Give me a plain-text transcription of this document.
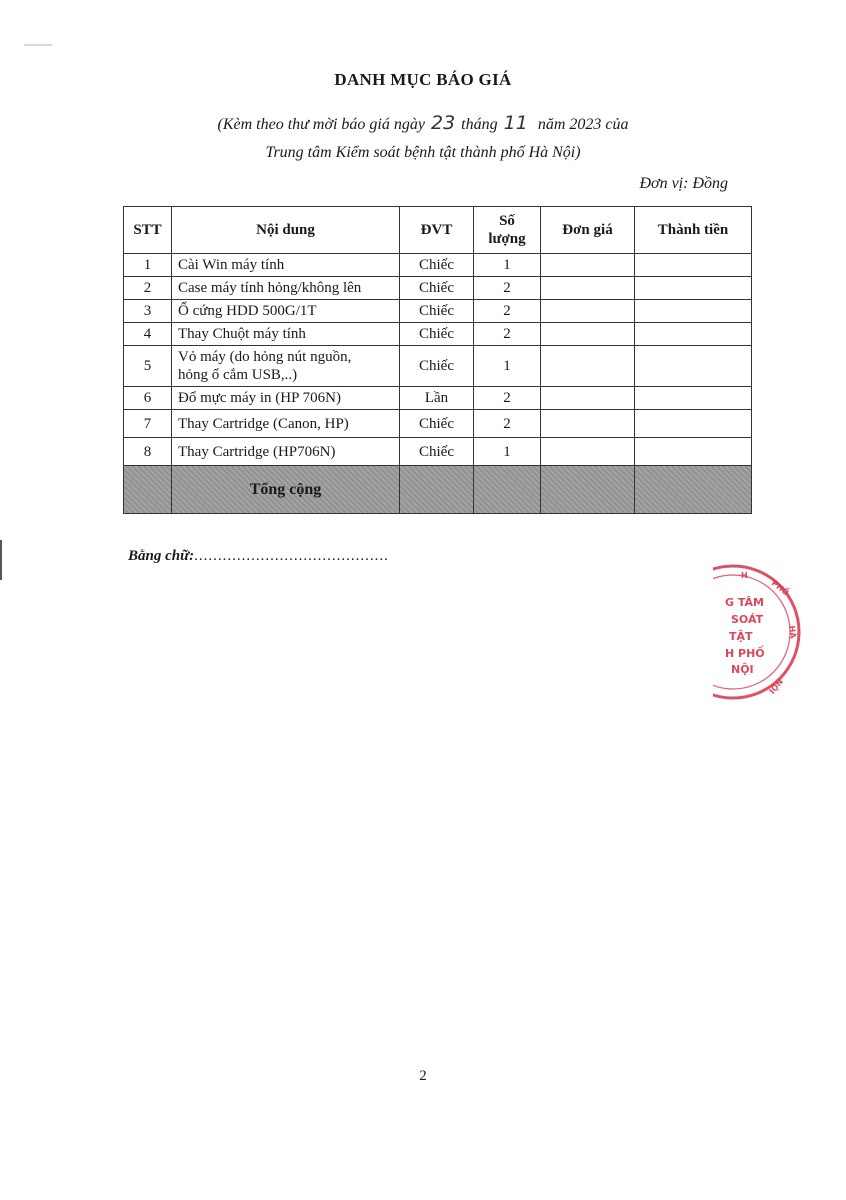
DANH MỤC BÁO GIÁ
(Kèm theo thư mời báo giá ngày 23 tháng 11 năm 2023 của
Trung tâm Kiểm soát bệnh tật thành phố Hà Nội)
Đơn vị: Đồng
STT	Nội dung	ĐVT	Số
lượng	Đơn giá	Thành tiền
1	Cài Win máy tính	Chiếc	1		
2	Case máy tính hỏng/không lên	Chiếc	2		
3	Ổ cứng HDD 500G/1T	Chiếc	2		
4	Thay Chuột máy tính	Chiếc	2		
5	Vỏ máy (do hỏng nút nguồn,
hỏng ổ cắm USB,..)	Chiếc	1		
6	Đổ mực máy in (HP 706N)	Lần	2		
7	Thay Cartridge (Canon, HP)	Chiếc	2		
8	Thay Cartridge (HP706N)	Chiếc	1		
	Tổng cộng				
Bằng chữ:.........................................
G TÂM
SOÁT
TẬT
H PHỐ
NỘI
H
PHỐ
HÀ
NỘI
2
